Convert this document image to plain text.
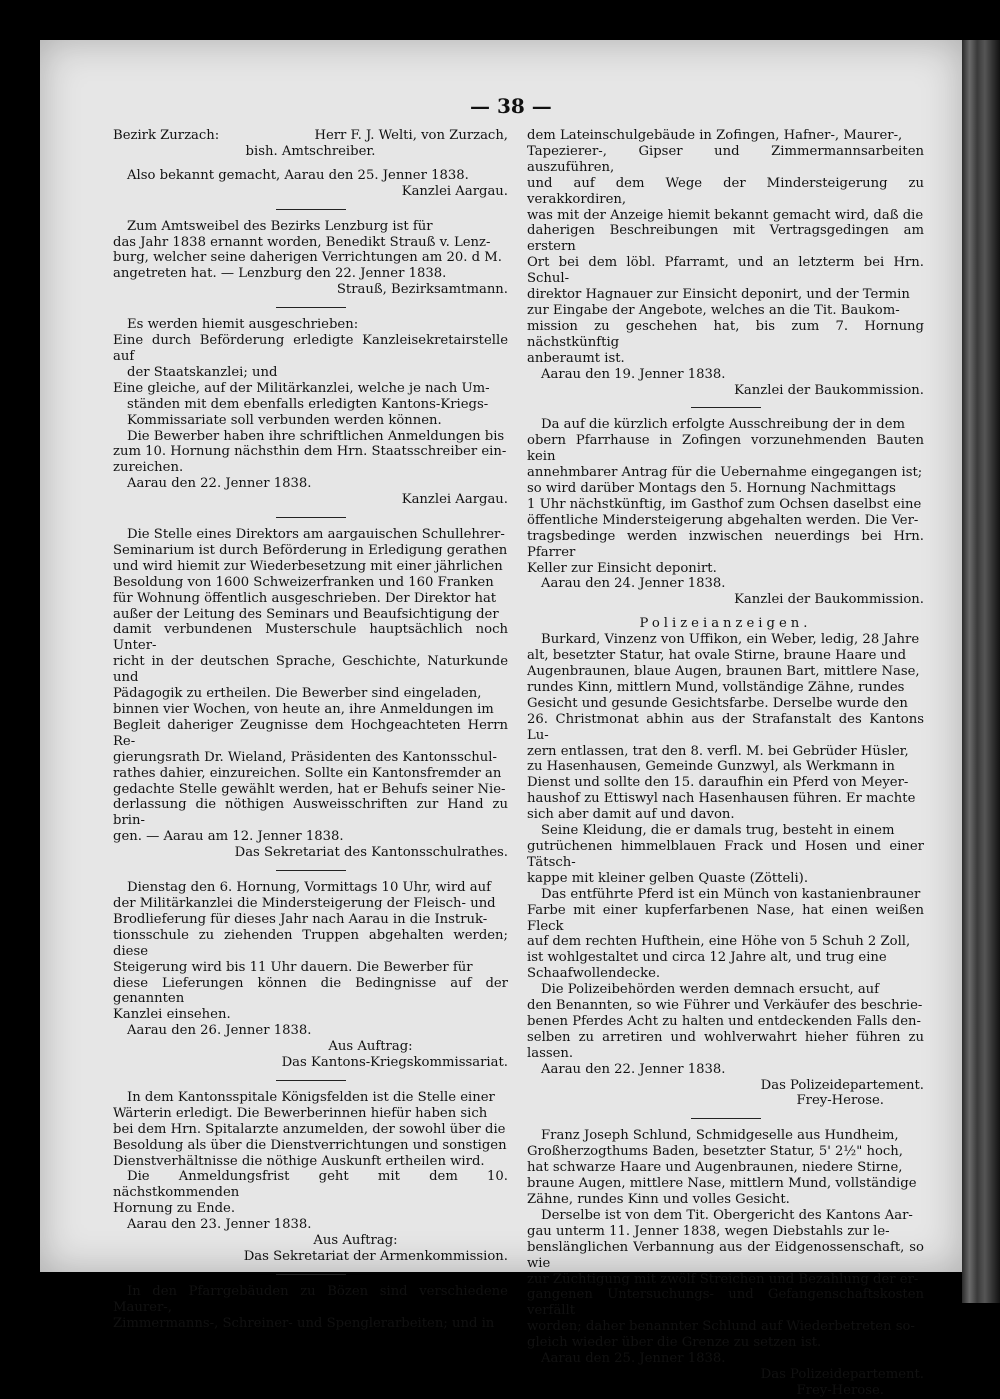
— 38 —
Bezirk Zurzach:	Herr F. J. Welti, von Zurzach,

bish. Amtschreiber.

Also bekannt gemacht, Aarau den 25. Jenner 1838.

Kanzlei Aargau.

Zum Amtsweibel des Bezirks Lenzburg ist für

das Jahr 1838 ernannt worden, Benedikt Strauß v. Lenz-

burg, welcher seine daherigen Verrichtungen am 20. d M.

angetreten hat. — Lenzburg den 22. Jenner 1838.

Strauß, Bezirksamtmann.

Es werden hiemit ausgeschrieben:

Eine durch Beförderung erledigte Kanzleisekretairstelle auf

der Staatskanzlei; und

Eine gleiche, auf der Militärkanzlei, welche je nach Um-

ständen mit dem ebenfalls erledigten Kantons-Kriegs-

Kommissariate soll verbunden werden können.

Die Bewerber haben ihre schriftlichen Anmeldungen bis

zum 10. Hornung nächsthin dem Hrn. Staatsschreiber ein-

zureichen.

Aarau den 22. Jenner 1838.

Kanzlei Aargau.

Die Stelle eines Direktors am aargauischen Schullehrer-

Seminarium ist durch Beförderung in Erledigung gerathen

und wird hiemit zur Wiederbesetzung mit einer jährlichen

Besoldung von 1600 Schweizerfranken und 160 Franken

für Wohnung öffentlich ausgeschrieben. Der Direktor hat

außer der Leitung des Seminars und Beaufsichtigung der

damit verbundenen Musterschule hauptsächlich noch Unter-

richt in der deutschen Sprache, Geschichte, Naturkunde und

Pädagogik zu ertheilen. Die Bewerber sind eingeladen,

binnen vier Wochen, von heute an, ihre Anmeldungen im

Begleit daheriger Zeugnisse dem Hochgeachteten Herrn Re-

gierungsrath Dr. Wieland, Präsidenten des Kantonsschul-

rathes dahier, einzureichen. Sollte ein Kantonsfremder an

gedachte Stelle gewählt werden, hat er Behufs seiner Nie-

derlassung die nöthigen Ausweisschriften zur Hand zu brin-

gen. — Aarau am 12. Jenner 1838.

Das Sekretariat des Kantonsschulrathes.

Dienstag den 6. Hornung, Vormittags 10 Uhr, wird auf

der Militärkanzlei die Mindersteigerung der Fleisch- und

Brodlieferung für dieses Jahr nach Aarau in die Instruk-

tionsschule zu ziehenden Truppen abgehalten werden; diese

Steigerung wird bis 11 Uhr dauern. Die Bewerber für

diese Lieferungen können die Bedingnisse auf der genannten

Kanzlei einsehen.

Aarau den 26. Jenner 1838.

Aus Auftrag:

Das Kantons-Kriegskommissariat.

In dem Kantonsspitale Königsfelden ist die Stelle einer

Wärterin erledigt. Die Bewerberinnen hiefür haben sich

bei dem Hrn. Spitalarzte anzumelden, der sowohl über die

Besoldung als über die Dienstverrichtungen und sonstigen

Dienstverhältnisse die nöthige Auskunft ertheilen wird.

Die Anmeldungsfrist geht mit dem 10. nächstkommenden

Hornung zu Ende.

Aarau den 23. Jenner 1838.

Aus Auftrag:

Das Sekretariat der Armenkommission.

In den Pfarrgebäuden zu Bözen sind verschiedene Maurer-,

Zimmermanns-, Schreiner- und Spenglerarbeiten; und in

dem Lateinschulgebäude in Zofingen, Hafner-, Maurer-,

Tapezierer-, Gipser und Zimmermannsarbeiten auszuführen,

und auf dem Wege der Mindersteigerung zu verakkordiren,

was mit der Anzeige hiemit bekannt gemacht wird, daß die

daherigen Beschreibungen mit Vertragsgedingen am erstern

Ort bei dem löbl. Pfarramt, und an letzterm bei Hrn. Schul-

direktor Hagnauer zur Einsicht deponirt, und der Termin

zur Eingabe der Angebote, welches an die Tit. Baukom-

mission zu geschehen hat, bis zum 7. Hornung nächstkünftig

anberaumt ist.

Aarau den 19. Jenner 1838.

Kanzlei der Baukommission.

Da auf die kürzlich erfolgte Ausschreibung der in dem

obern Pfarrhause in Zofingen vorzunehmenden Bauten kein

annehmbarer Antrag für die Uebernahme eingegangen ist;

so wird darüber Montags den 5. Hornung Nachmittags

1 Uhr nächstkünftig, im Gasthof zum Ochsen daselbst eine

öffentliche Mindersteigerung abgehalten werden. Die Ver-

tragsbedinge werden inzwischen neuerdings bei Hrn. Pfarrer

Keller zur Einsicht deponirt.

Aarau den 24. Jenner 1838.

Kanzlei der Baukommission.

Polizeianzeigen.

Burkard, Vinzenz von Uffikon, ein Weber, ledig, 28 Jahre

alt, besetzter Statur, hat ovale Stirne, braune Haare und

Augenbraunen, blaue Augen, braunen Bart, mittlere Nase,

rundes Kinn, mittlern Mund, vollständige Zähne, rundes

Gesicht und gesunde Gesichtsfarbe. Derselbe wurde den

26. Christmonat abhin aus der Strafanstalt des Kantons Lu-

zern entlassen, trat den 8. verfl. M. bei Gebrüder Hüsler,

zu Hasenhausen, Gemeinde Gunzwyl, als Werkmann in

Dienst und sollte den 15. daraufhin ein Pferd von Meyer-

haushof zu Ettiswyl nach Hasenhausen führen. Er machte

sich aber damit auf und davon.

Seine Kleidung, die er damals trug, besteht in einem

gutrüchenen himmelblauen Frack und Hosen und einer Tätsch-

kappe mit kleiner gelben Quaste (Zötteli).

Das entführte Pferd ist ein Münch von kastanienbrauner

Farbe mit einer kupferfarbenen Nase, hat einen weißen Fleck

auf dem rechten Hufthein, eine Höhe von 5 Schuh 2 Zoll,

ist wohlgestaltet und circa 12 Jahre alt, und trug eine

Schaafwollendecke.

Die Polizeibehörden werden demnach ersucht, auf

den Benannten, so wie Führer und Verkäufer des beschrie-

benen Pferdes Acht zu halten und entdeckenden Falls den-

selben zu arretiren und wohlverwahrt hieher führen zu lassen.

Aarau den 22. Jenner 1838.

Das Polizeidepartement.

Frey-Herose.

Franz Joseph Schlund, Schmidgeselle aus Hundheim,

Großherzogthums Baden, besetzter Statur, 5' 2½" hoch,

hat schwarze Haare und Augenbraunen, niedere Stirne,

braune Augen, mittlere Nase, mittlern Mund, vollständige

Zähne, rundes Kinn und volles Gesicht.

Derselbe ist von dem Tit. Obergericht des Kantons Aar-

gau unterm 11. Jenner 1838, wegen Diebstahls zur le-

benslänglichen Verbannung aus der Eidgenossenschaft, so wie

zur Züchtigung mit zwölf Streichen und Bezahlung der er-

gangenen Untersuchungs- und Gefangenschaftskosten verfällt

worden; daher benannter Schlund auf Wiederbetreten so-

gleich wieder über die Grenze zu setzen ist.

Aarau den 25. Jenner 1838.

Das Polizeidepartement.

Frey-Herose.
